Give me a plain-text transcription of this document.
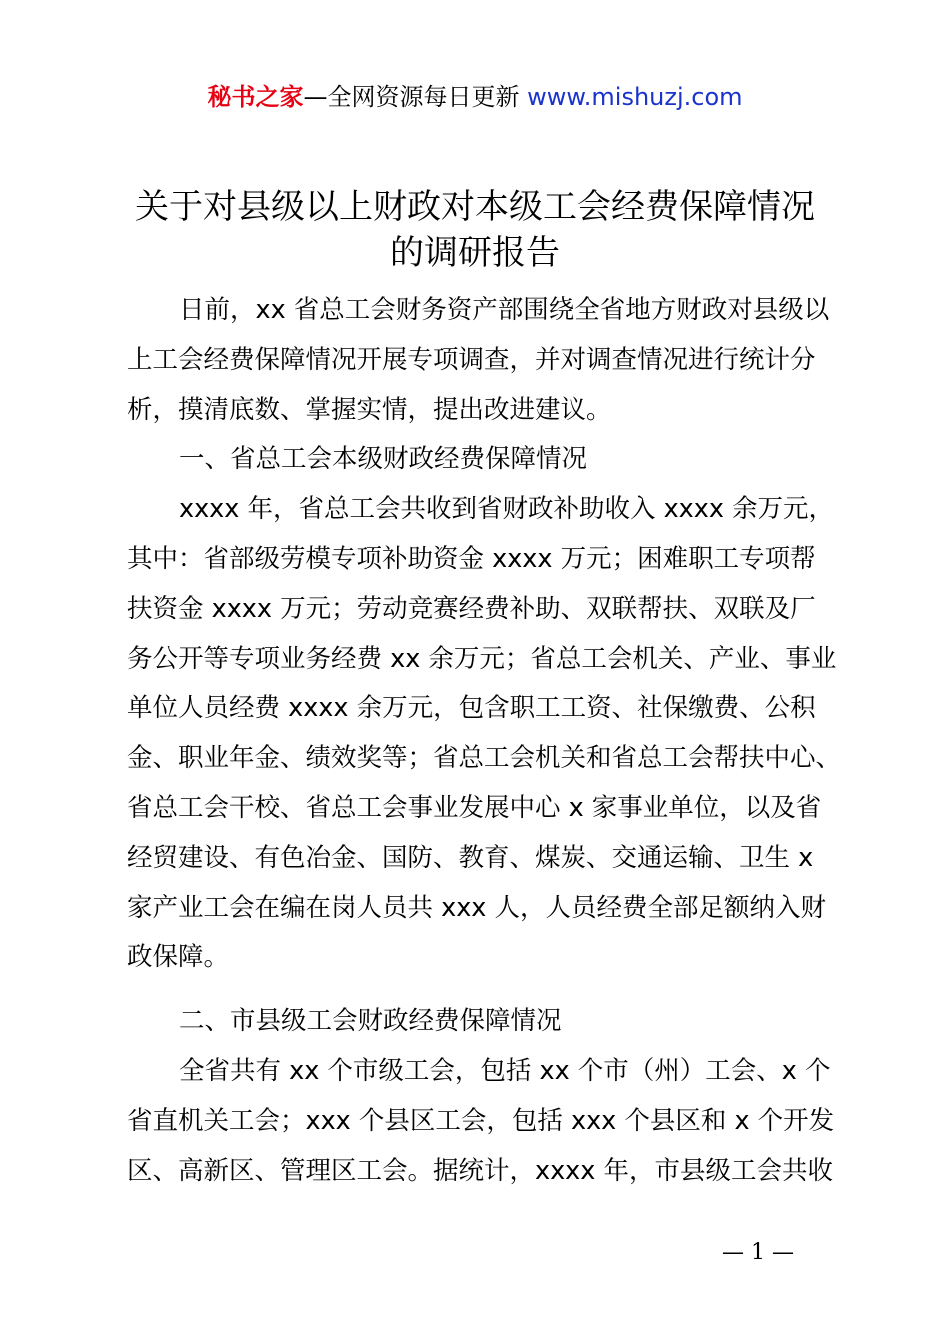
秘书之家—全网资源每日更新 www.mishuzj.com
关于对县级以上财政对本级工会经费保障情况
的调研报告
日前，xx 省总工会财务资产部围绕全省地方财政对县级以
上工会经费保障情况开展专项调查，并对调查情况进行统计分
析，摸清底数、掌握实情，提出改进建议。
一、省总工会本级财政经费保障情况
xxxx 年，省总工会共收到省财政补助收入 xxxx 余万元，
其中：省部级劳模专项补助资金 xxxx 万元；困难职工专项帮
扶资金 xxxx 万元；劳动竞赛经费补助、双联帮扶、双联及厂
务公开等专项业务经费 xx 余万元；省总工会机关、产业、事业
单位人员经费 xxxx 余万元，包含职工工资、社保缴费、公积
金、职业年金、绩效奖等；省总工会机关和省总工会帮扶中心、
省总工会干校、省总工会事业发展中心 x 家事业单位，以及省
经贸建设、有色冶金、国防、教育、煤炭、交通运输、卫生 x
家产业工会在编在岗人员共 xxx 人，人员经费全部足额纳入财
政保障。
二、市县级工会财政经费保障情况
全省共有 xx 个市级工会，包括 xx 个市（州）工会、x 个
省直机关工会；xxx 个县区工会，包括 xxx 个县区和 x 个开发
区、高新区、管理区工会。据统计，xxxx 年，市县级工会共收
— 1 —
